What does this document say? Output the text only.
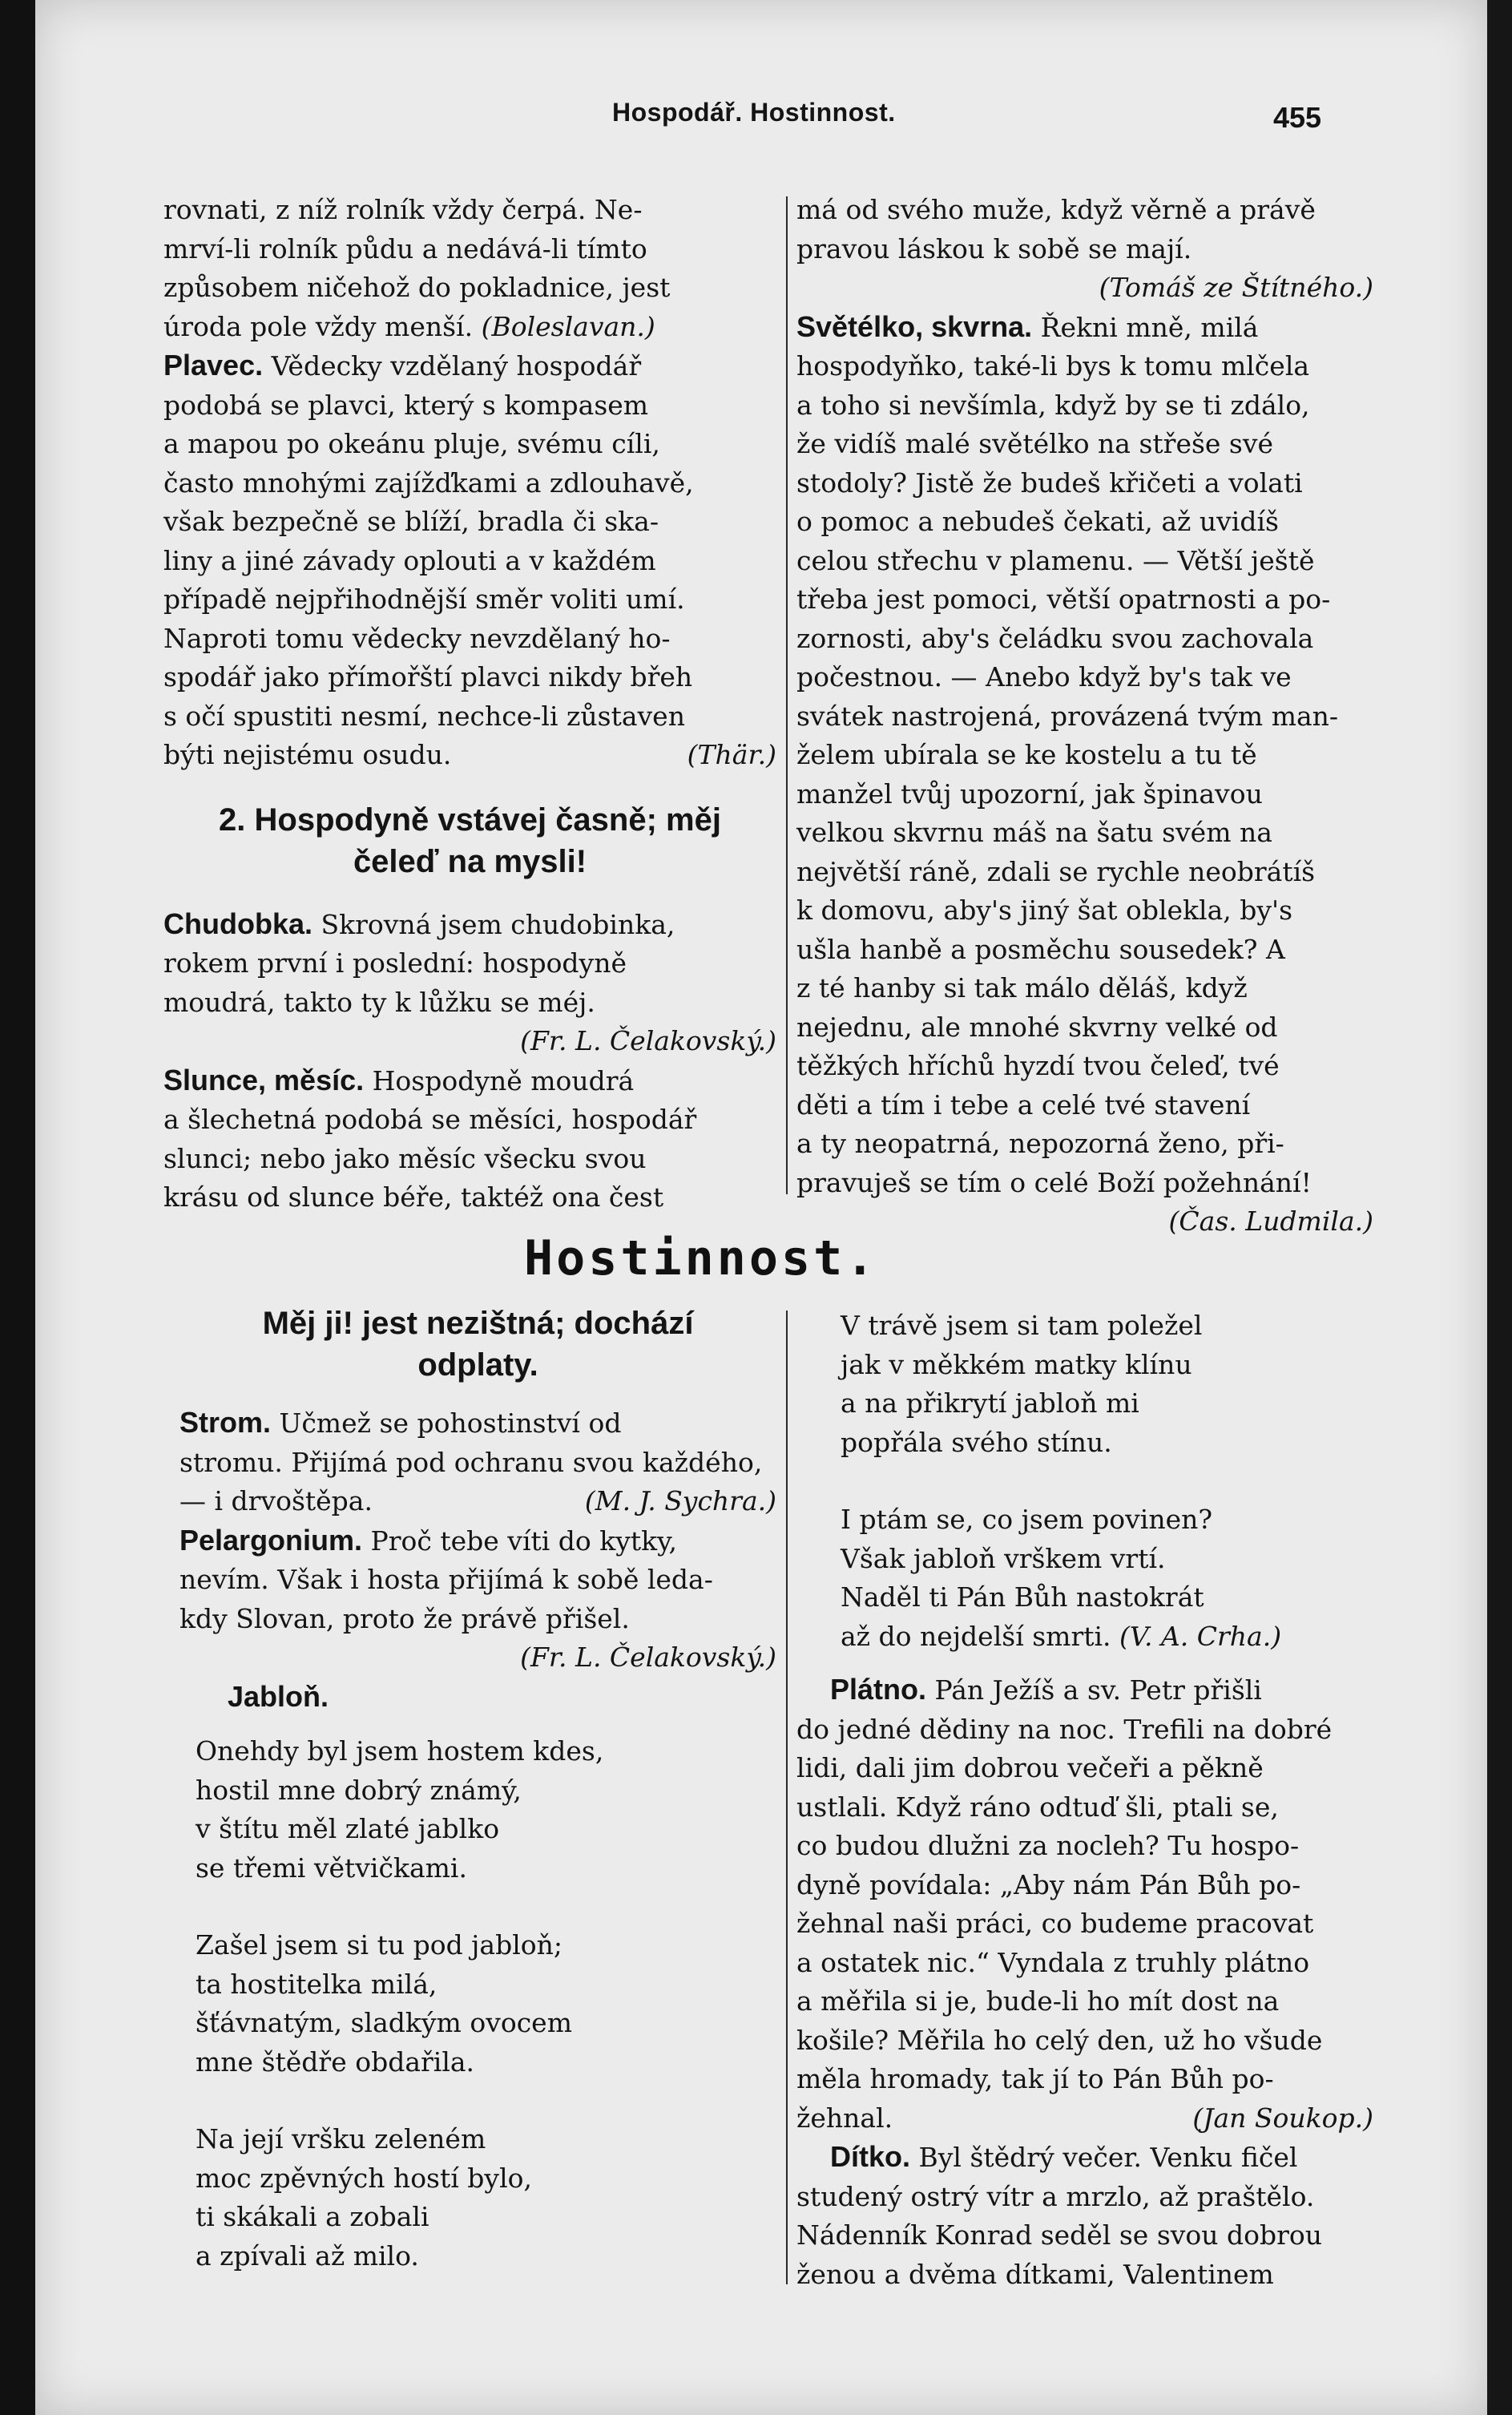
Hospodář. Hostinnost.	455
rovnati, z níž rolník vždy čerpá. Ne-
mrví-li rolník půdu a nedává-li tímto
způsobem ničehož do pokladnice, jest
úroda pole vždy menší. (Boleslavan.)
Plavec. Vědecky vzdělaný hospodář
podobá se plavci, který s kompasem
a mapou po okeánu pluje, svému cíli,
často mnohými zajížďkami a zdlouhavě,
však bezpečně se blíží, bradla či ska-
liny a jiné závady oplouti a v každém
případě nejpřihodnější směr voliti umí.
Naproti tomu vědecky nevzdělaný ho-
spodář jako přímořští plavci nikdy břeh
s očí spustiti nesmí, nechce-li zůstaven
býti nejistému osudu.	(Thär.)
2. Hospodyně vstávej časně; měj
čeleď na mysli!
Chudobka. Skrovná jsem chudobinka,
rokem první i poslední: hospodyně
moudrá, takto ty k lůžku se méj.
(Fr. L. Čelakovský.)
Slunce, měsíc. Hospodyně moudrá
a šlechetná podobá se měsíci, hospodář
slunci; nebo jako měsíc všecku svou
krásu od slunce béře, taktéž ona čest
má od svého muže, když věrně a právě
pravou láskou k sobě se mají.
(Tomáš ze Štítného.)
Světélko, skvrna. Řekni mně, milá
hospodyňko, také-li bys k tomu mlčela
a toho si nevšímla, když by se ti zdálo,
že vidíš malé světélko na střeše své
stodoly? Jistě že budeš křičeti a volati
o pomoc a nebudeš čekati, až uvidíš
celou střechu v plamenu. — Větší ještě
třeba jest pomoci, větší opatrnosti a po-
zornosti, aby's čeládku svou zachovala
počestnou. — Anebo když by's tak ve
svátek nastrojená, provázená tvým man-
želem ubírala se ke kostelu a tu tě
manžel tvůj upozorní, jak špinavou
velkou skvrnu máš na šatu svém na
největší ráně, zdali se rychle neobrátíš
k domovu, aby's jiný šat oblekla, by's
ušla hanbě a posměchu sousedek? A
z té hanby si tak málo děláš, když
nejednu, ale mnohé skvrny velké od
těžkých hříchů hyzdí tvou čeleď, tvé
děti a tím i tebe a celé tvé stavení
a ty neopatrná, nepozorná ženo, při-
pravuješ se tím o celé Boží požehnání!
(Čas. Ludmila.)
Hostinnost.
Měj ji! jest nezištná; dochází
odplaty.
Strom. Učmež se pohostinství od
stromu. Přijímá pod ochranu svou každého,
— i drvoštěpa.	(M. J. Sychra.)
Pelargonium. Proč tebe víti do kytky,
nevím. Však i hosta přijímá k sobě leda-
kdy Slovan, proto že právě přišel.
(Fr. L. Čelakovský.)
Jabloň.
Onehdy byl jsem hostem kdes,
hostil mne dobrý známý,
v štítu měl zlaté jablko
se třemi větvičkami.
Zašel jsem si tu pod jabloň;
ta hostitelka milá,
šťávnatým, sladkým ovocem
mne štědře obdařila.
Na její vršku zeleném
moc zpěvných hostí bylo,
ti skákali a zobali
a zpívali až milo.
V trávě jsem si tam poležel
jak v měkkém matky klínu
a na přikrytí jabloň mi
popřála svého stínu.
I ptám se, co jsem povinen?
Však jabloň vrškem vrtí.
Naděl ti Pán Bůh nastokrát
až do nejdelší smrti. (V. A. Crha.)
Plátno. Pán Ježíš a sv. Petr přišli
do jedné dědiny na noc. Trefili na dobré
lidi, dali jim dobrou večeři a pěkně
ustlali. Když ráno odtuď šli, ptali se,
co budou dlužni za nocleh? Tu hospo-
dyně povídala: „Aby nám Pán Bůh po-
žehnal naši práci, co budeme pracovat
a ostatek nic.“ Vyndala z truhly plátno
a měřila si je, bude-li ho mít dost na
košile? Měřila ho celý den, už ho všude
měla hromady, tak jí to Pán Bůh po-
žehnal.	(Jan Soukop.)
Dítko. Byl štědrý večer. Venku fičel
studený ostrý vítr a mrzlo, až praštělo.
Nádenník Konrad seděl se svou dobrou
ženou a dvěma dítkami, Valentinem
